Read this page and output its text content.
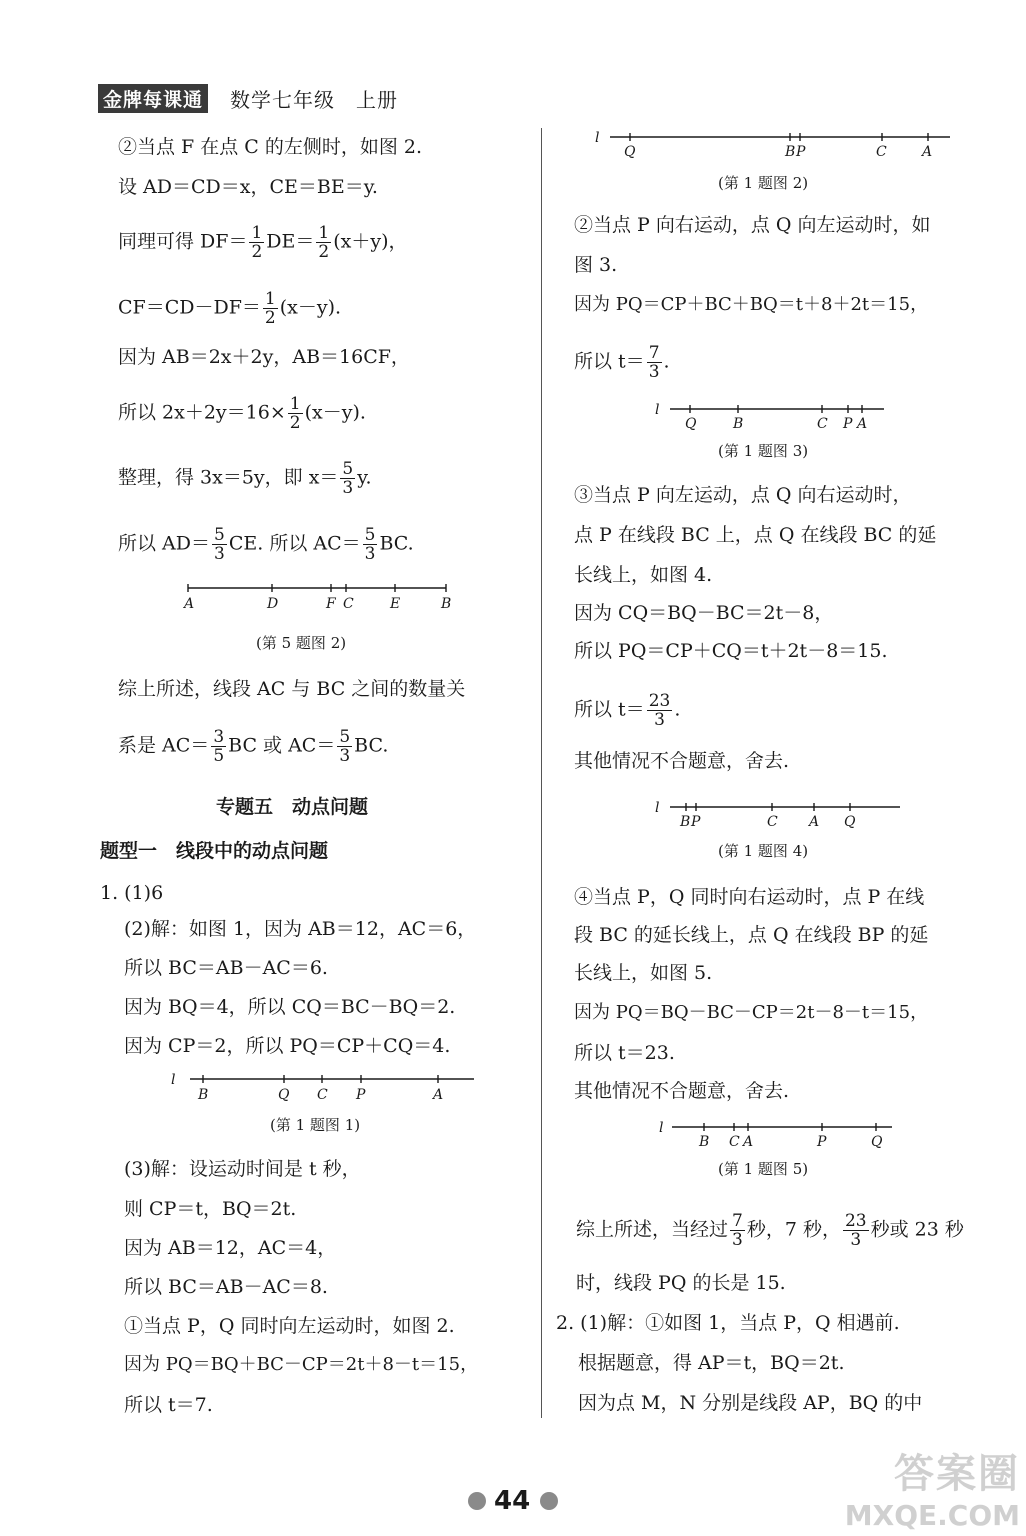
金牌每课通 数学七年级　上册
②当点 F 在点 C 的左侧时，如图 2.
设 AD＝CD＝x，CE＝BE＝y.
同理可得 $DF= \frac{1}{2} DE= \frac{1}{2} (x+y)$，
$CF=CD-DF= \frac{1}{2} (x-y)$.
因为 AB＝2x＋2y，AB＝16CF，
所以 $2x+2y=16\times \frac{1}{2} (x-y)$.
整理，得 3x＝5y，即 $x= \frac{5}{3} y$.
所以 $AD= \frac{5}{3}$ CE. 所以 $AC= \frac{5}{3}$ BC.
A	D	F C	E	B
(第 5 题图 2)
综上所述，线段 AC 与 BC 之间的数量关
系是 $AC= \frac{3}{5}$ BC 或 $AC= \frac{5}{3}$ BC.
专题五　动点问题
题型一　线段中的动点问题
1. (1)6
(2)解：如图 1，因为 AB＝12，AC＝6，
所以 BC＝AB－AC＝6.
因为 BQ＝4，所以 CQ＝BC－BQ＝2.
因为 CP＝2，所以 PQ＝CP＋CQ＝4.
l
B	Q C P	A
(第 1 题图 1)
(3)解：设运动时间是 t 秒，
则 CP＝t，BQ＝2t.
因为 AB＝12，AC＝4，
所以 BC＝AB－AC＝8.
①当点 P，Q 同时向左运动时，如图 2.
因为 PQ＝BQ＋BC－CP＝2t＋8－t＝15，
所以 t＝7.
l
Q	B P	C	A
(第 1 题图 2)
②当点 P 向右运动，点 Q 向左运动时，如
图 3.
因为 PQ＝CP＋BC＋BQ＝t＋8＋2t＝15，
所以 $t= \frac{7}{3}$ .
l
Q	B	C P A
(第 1 题图 3)
③当点 P 向左运动，点 Q 向右运动时，
点 P 在线段 BC 上，点 Q 在线段 BC 的延
长线上，如图 4.
因为 CQ＝BQ－BC＝2t－8，
所以 PQ＝CP＋CQ＝t＋2t－8＝15.
所以 $t= \frac{23}{3}$ .
其他情况不合题意，舍去.
l
B P	C A Q
(第 1 题图 4)
④当点 P，Q 同时向右运动时，点 P 在线
段 BC 的延长线上，点 Q 在线段 BP 的延
长线上，如图 5.
因为 PQ＝BQ－BC－CP＝2t－8－t＝15，
所以 t＝23.
其他情况不合题意，舍去.
l
B C A	P	Q
(第 1 题图 5)
综上所述，当经过 $\frac{7}{3}$ 秒，7 秒， $\frac{23}{3}$ 秒或 23 秒
时，线段 PQ 的长是 15.
2. (1)解：①如图 1，当点 P，Q 相遇前.
根据题意，得 AP＝t，BQ＝2t.
因为点 M，N 分别是线段 AP，BQ 的中
44
答案圈
MXQE.COM
